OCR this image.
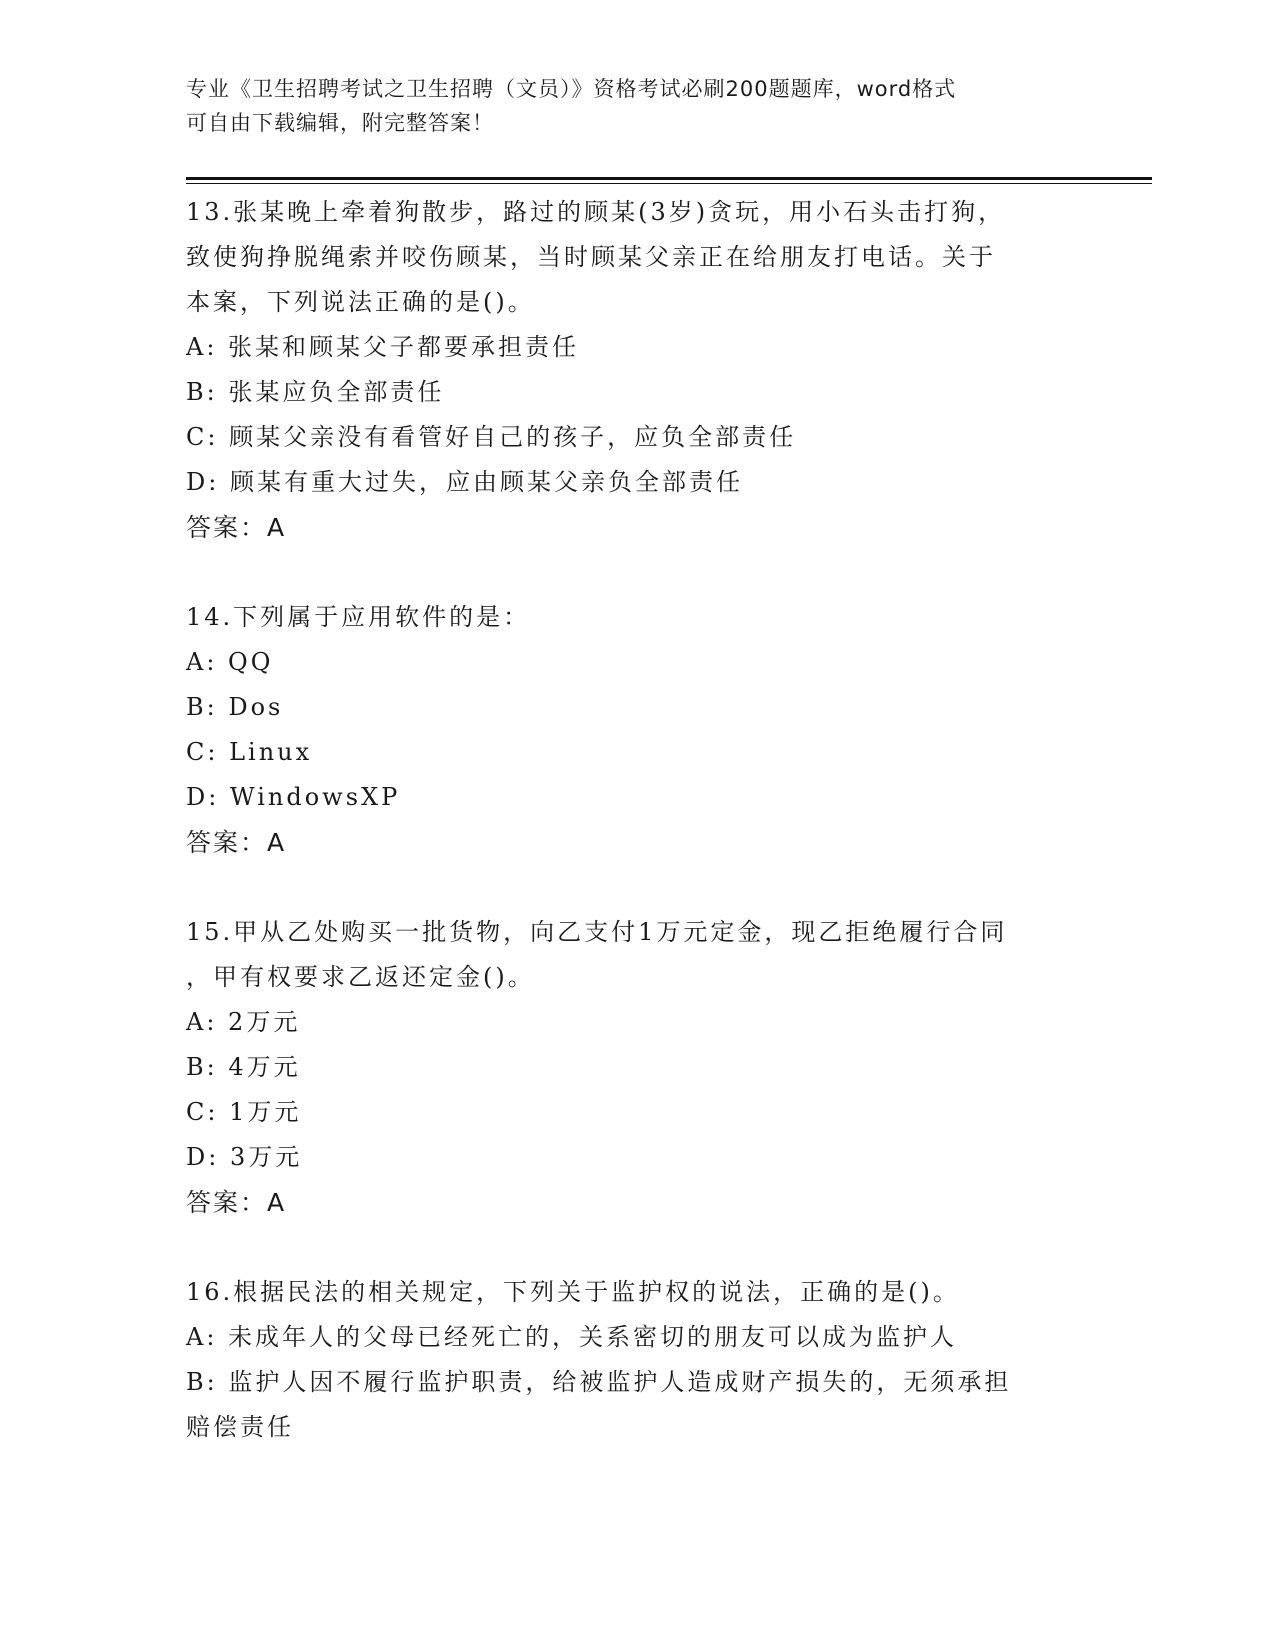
专业《卫生招聘考试之卫生招聘（文员）》资格考试必刷200题题库，word格式
可自由下载编辑，附完整答案！
13.张某晚上牵着狗散步，路过的顾某(3岁)贪玩，用小石头击打狗，
致使狗挣脱绳索并咬伤顾某，当时顾某父亲正在给朋友打电话。关于
本案，下列说法正确的是()。
A: 张某和顾某父子都要承担责任
B: 张某应负全部责任
C: 顾某父亲没有看管好自己的孩子，应负全部责任
D: 顾某有重大过失，应由顾某父亲负全部责任
答案：A
14.下列属于应用软件的是：
A: QQ
B: Dos
C: Linux
D: WindowsXP
答案：A
15.甲从乙处购买一批货物，向乙支付1万元定金，现乙拒绝履行合同
，甲有权要求乙返还定金()。
A: 2万元
B: 4万元
C: 1万元
D: 3万元
答案：A
16.根据民法的相关规定，下列关于监护权的说法，正确的是()。
A: 未成年人的父母已经死亡的，关系密切的朋友可以成为监护人
B: 监护人因不履行监护职责，给被监护人造成财产损失的，无须承担
赔偿责任
